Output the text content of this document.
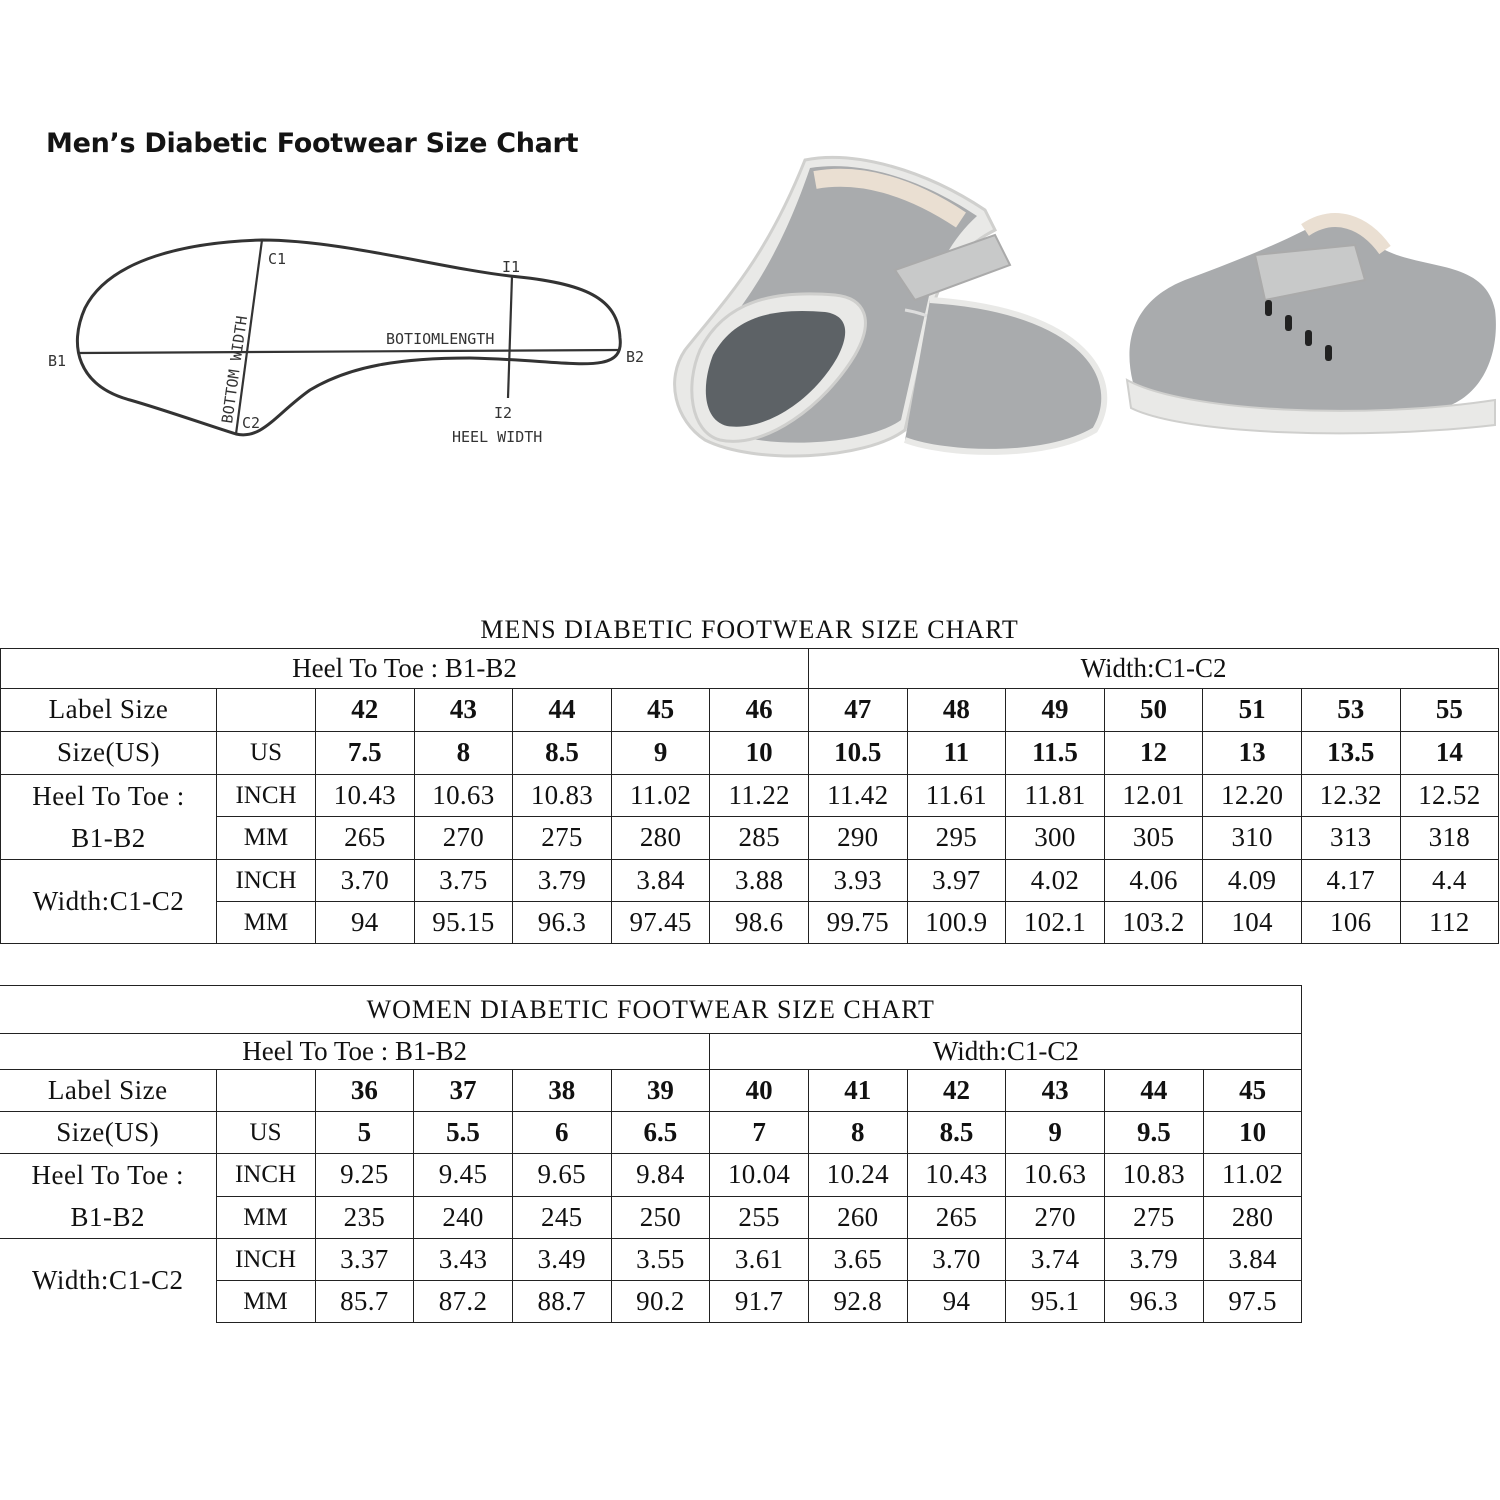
Men’s Diabetic Footwear Size Chart
C1
C2
B1	B2
I1
I2
BOTIOMLENGTH
HEEL WIDTH
BOTTOM WIDTH
MENS DIABETIC FOOTWEAR SIZE CHART													
Heel To Toe : B1-B2							Width:C1-C2						
Label Size		42	43	44	45	46	47	48	49	50	51	53	55
Size(US)	US	7.5	8	8.5	9	10	10.5	11	11.5	12	13	13.5	14
Heel To Toe :
B1-B2	INCH	10.43	10.63	10.83	11.02	11.22	11.42	11.61	11.81	12.01	12.20	12.32	12.52
	MM	265	270	275	280	285	290	295	300	305	310	313	318
Width:C1-C2	INCH	3.70	3.75	3.79	3.84	3.88	3.93	3.97	4.02	4.06	4.09	4.17	4.4
	MM	94	95.15	96.3	97.45	98.6	99.75	100.9	102.1	103.2	104	106	112
WOMEN DIABETIC FOOTWEAR SIZE CHART											
Heel To Toe : B1-B2						Width:C1-C2					
Label Size		36	37	38	39	40	41	42	43	44	45
Size(US)	US	5	5.5	6	6.5	7	8	8.5	9	9.5	10
Heel To Toe :
B1-B2	INCH	9.25	9.45	9.65	9.84	10.04	10.24	10.43	10.63	10.83	11.02
	MM	235	240	245	250	255	260	265	270	275	280
Width:C1-C2	INCH	3.37	3.43	3.49	3.55	3.61	3.65	3.70	3.74	3.79	3.84
	MM	85.7	87.2	88.7	90.2	91.7	92.8	94	95.1	96.3	97.5
